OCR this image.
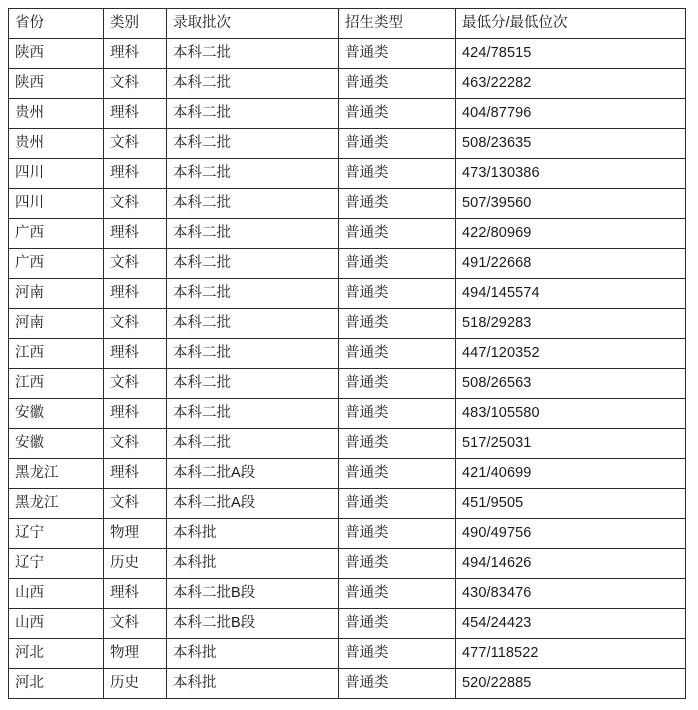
省份	类别	录取批次	招生类型	最低分/最低位次
陕西	理科	本科二批	普通类	424/78515
陕西	文科	本科二批	普通类	463/22282
贵州	理科	本科二批	普通类	404/87796
贵州	文科	本科二批	普通类	508/23635
四川	理科	本科二批	普通类	473/130386
四川	文科	本科二批	普通类	507/39560
广西	理科	本科二批	普通类	422/80969
广西	文科	本科二批	普通类	491/22668
河南	理科	本科二批	普通类	494/145574
河南	文科	本科二批	普通类	518/29283
江西	理科	本科二批	普通类	447/120352
江西	文科	本科二批	普通类	508/26563
安徽	理科	本科二批	普通类	483/105580
安徽	文科	本科二批	普通类	517/25031
黑龙江	理科	本科二批A段	普通类	421/40699
黑龙江	文科	本科二批A段	普通类	451/9505
辽宁	物理	本科批	普通类	490/49756
辽宁	历史	本科批	普通类	494/14626
山西	理科	本科二批B段	普通类	430/83476
山西	文科	本科二批B段	普通类	454/24423
河北	物理	本科批	普通类	477/118522
河北	历史	本科批	普通类	520/22885
